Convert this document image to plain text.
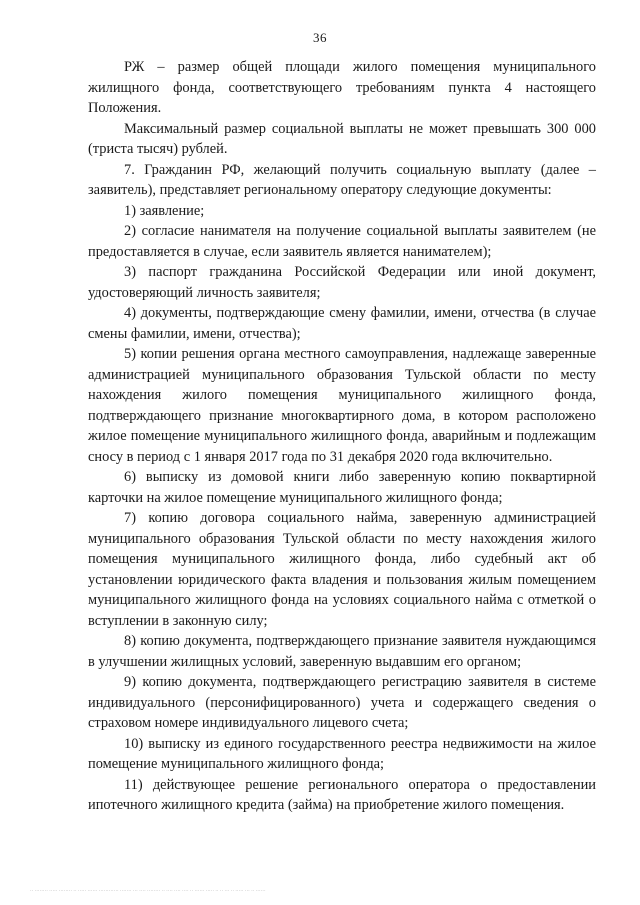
36

РЖ – размер общей площади жилого помещения муниципального жилищного фонда, соответствующего требованиям пункта 4 настоящего Положения.

Максимальный размер социальной выплаты не может превышать 300 000 (триста тысяч) рублей.

7. Гражданин РФ, желающий получить социальную выплату (далее – заявитель), представляет региональному оператору следующие документы:

1) заявление;

2) согласие нанимателя на получение социальной выплаты заявителем (не предоставляется в случае, если заявитель является нанимателем);

3) паспорт гражданина Российской Федерации или иной документ, удостоверяющий личность заявителя;

4) документы, подтверждающие смену фамилии, имени, отчества (в случае смены фамилии, имени, отчества);

5) копии решения органа местного самоуправления, надлежаще заверенные администрацией муниципального образования Тульской области по месту нахождения жилого помещения муниципального жилищного фонда, подтверждающего признание многоквартирного дома, в котором расположено жилое помещение муниципального жилищного фонда, аварийным и подлежащим сносу в период с 1 января 2017 года по 31 декабря 2020 года включительно.

6) выписку из домовой книги либо заверенную копию поквартирной карточки на жилое помещение муниципального жилищного фонда;

7) копию договора социального найма, заверенную администрацией муниципального образования Тульской области по месту нахождения жилого помещения муниципального жилищного фонда, либо судебный акт об установлении юридического факта владения и пользования жилым помещением муниципального жилищного фонда на условиях социального найма с отметкой о вступлении в законную силу;

8) копию документа, подтверждающего признание заявителя нуждающимся в улучшении жилищных условий, заверенную выдавшим его органом;

9) копию документа, подтверждающего регистрацию заявителя в системе индивидуального (персонифицированного) учета и содержащего сведения о страховом номере индивидуального лицевого счета;

10) выписку из единого государственного реестра недвижимости на жилое помещение муниципального жилищного фонда;

11) действующее решение регионального оператора о предоставлении ипотечного жилищного кредита (займа) на приобретение жилого помещения.

·· ········ ····· ········ ·· ····· ······ ············ ······· ··· ···· ········ ·· ···· ···· ···· ·· ······ ····· ·· ·· ··· ·· ····· ··· ·· ······
